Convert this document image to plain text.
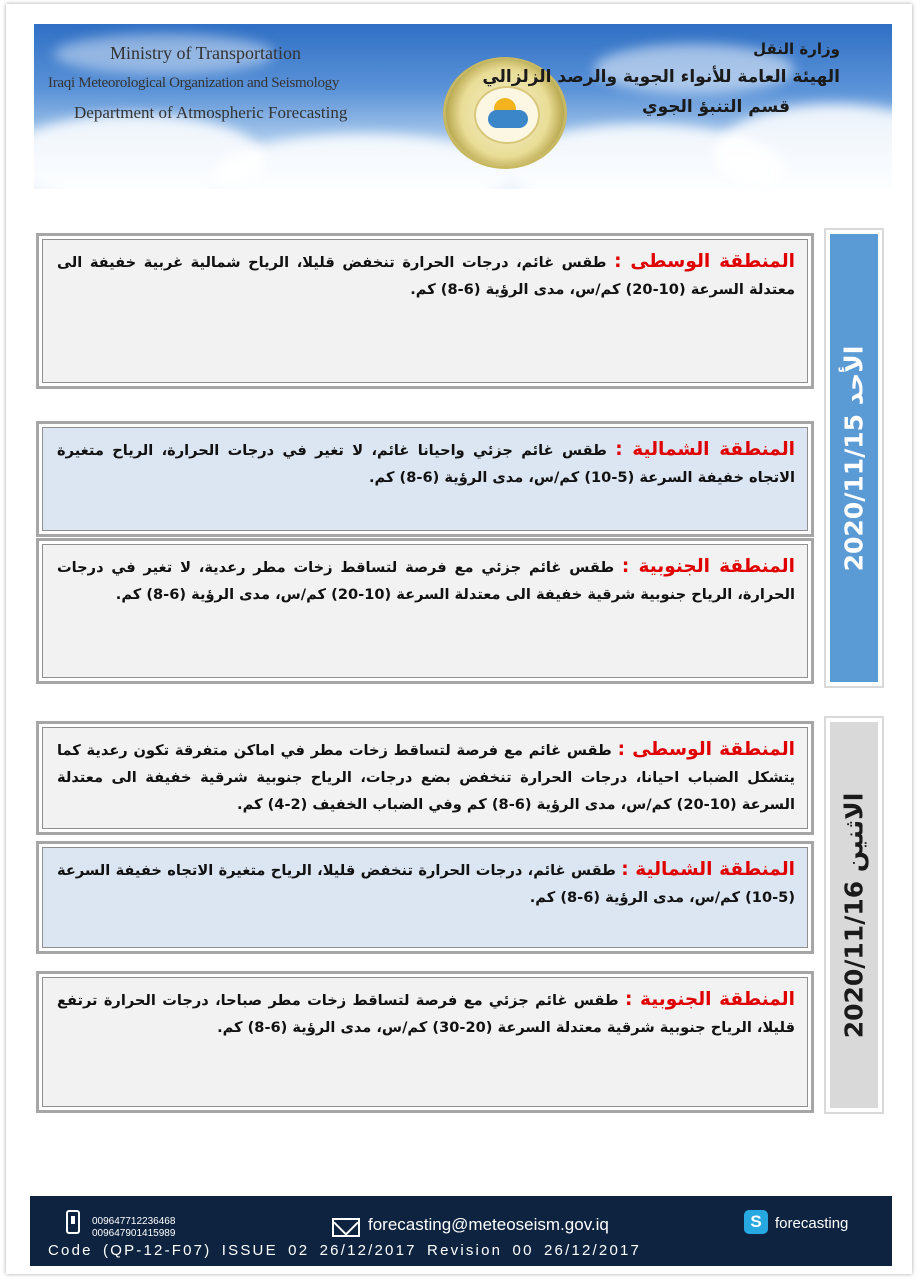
Ministry of Transportation
Iraqi Meteorological Organization and Seismology
Department of Atmospheric Forecasting
وزارة النقل
الهيئة العامة للأنواء الجوية والرصد الزلزالي
قسم التنبؤ الجوي
الأحد 2020/11/15

المنطقة الوسطى : طقس غائم، درجات الحرارة تنخفض قليلا، الرياح شمالية غربية خفيفة الى معتدلة السرعة (10-20) كم/س، مدى الرؤية (6-8) كم.

المنطقة الشمالية : طقس غائم جزئي واحيانا غائم، لا تغير في درجات الحرارة، الرياح متغيرة الاتجاه خفيفة السرعة (5-10) كم/س، مدى الرؤية (6-8) كم.

المنطقة الجنوبية : طقس غائم جزئي مع فرصة لتساقط زخات مطر رعدية، لا تغير في درجات الحرارة، الرياح جنوبية شرقية خفيفة الى معتدلة السرعة (10-20) كم/س، مدى الرؤية (6-8) كم.

الاثنين 2020/11/16

المنطقة الوسطى : طقس غائم مع فرصة لتساقط زخات مطر في اماكن متفرقة تكون رعدية كما يتشكل الضباب احيانا، درجات الحرارة تنخفض بضع درجات، الرياح جنوبية شرقية خفيفة الى معتدلة السرعة (10-20) كم/س، مدى الرؤية (6-8) كم وفي الضباب الخفيف (2-4) كم.

المنطقة الشمالية : طقس غائم، درجات الحرارة تنخفض قليلا، الرياح متغيرة الاتجاه خفيفة السرعة (5-10) كم/س، مدى الرؤية (6-8) كم.

المنطقة الجنوبية : طقس غائم جزئي مع فرصة لتساقط زخات مطر صباحا، درجات الحرارة ترتفع قليلا، الرياح جنوبية شرقية معتدلة السرعة (20-30) كم/س، مدى الرؤية (6-8) كم.

009647712236468
009647901415989	forecasting@meteoseism.gov.iq	S forecasting
Code (QP-12-F07) ISSUE 02 26/12/2017 Revision 00 26/12/2017
